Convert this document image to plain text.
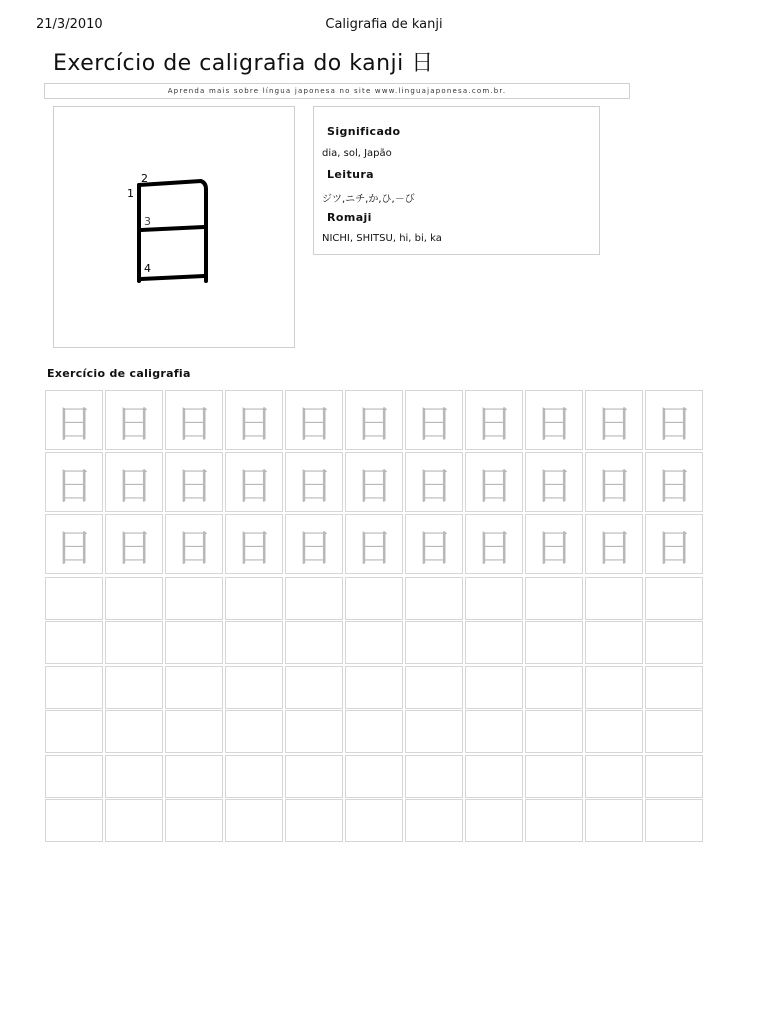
21/3/2010	Caligrafia de kanji
Exercício de caligrafia do kanji 日
Aprenda mais sobre língua japonesa no site www.linguajaponesa.com.br.
1
2
3
4
Significado
dia, sol, Japão
Leitura
ジツ,ニチ,か,ひ,－び
Romaji
NICHI, SHITSU, hi, bi, ka
Exercício de caligrafia
日 日 日 日 日 日 日 日 日 日 日
日 日 日 日 日 日 日 日 日 日 日
日 日 日 日 日 日 日 日 日 日 日
